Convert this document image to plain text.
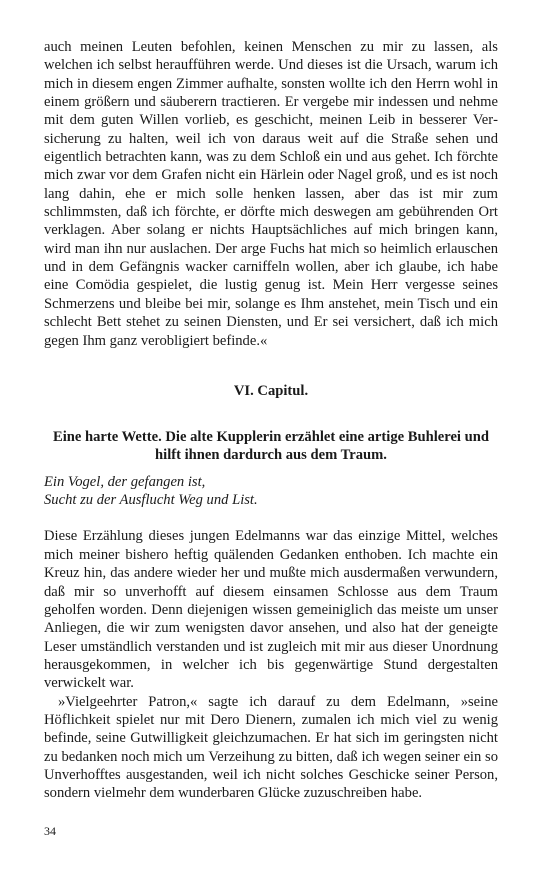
auch meinen Leuten befohlen, keinen Menschen zu mir zu lassen, als welchen ich selbst heraufführen werde. Und dieses ist die Ursach, warum ich mich in diesem engen Zimmer aufhalte, sonsten wollte ich den Herrn wohl in einem größern und säuberern tractieren. Er vergebe mir indessen und nehme mit dem guten Willen vorlieb, es geschicht, meinen Leib in besserer Versicherung zu halten, weil ich von daraus weit auf die Straße sehen und eigentlich betrachten kann, was zu dem Schloß ein und aus gehet. Ich förchte mich zwar vor dem Grafen nicht ein Härlein oder Nagel groß, und es ist noch lang dahin, ehe er mich solle henken lassen, aber das ist mir zum schlimmsten, daß ich förchte, er dörfte mich deswegen am gebührenden Ort verklagen. Aber solang er nichts Hauptsächliches auf mich bringen kann, wird man ihn nur auslachen. Der arge Fuchs hat mich so heimlich erlauschen und in dem Gefängnis wacker carniffeln wollen, aber ich glaube, ich habe eine Comödia gespielet, die lustig genug ist. Mein Herr vergesse seines Schmerzens und bleibe bei mir, solange es Ihm anstehet, mein Tisch und ein schlecht Bett stehet zu seinen Diensten, und Er sei versichert, daß ich mich gegen Ihm ganz verobligiert befinde.«

VI. Capitul.
Eine harte Wette. Die alte Kupplerin erzählet eine artige Buhlerei und hilft ihnen dardurch aus dem Traum.
Ein Vogel, der gefangen ist,
Sucht zu der Ausflucht Weg und List.

Diese Erzählung dieses jungen Edelmanns war das einzige Mittel, welches mich meiner bishero heftig quälenden Gedanken enthoben. Ich machte ein Kreuz hin, das andere wieder her und mußte mich ausdermaßen verwundern, daß mir so unverhofft auf diesem einsamen Schlosse aus dem Traum geholfen worden. Denn diejenigen wissen gemeiniglich das meiste um unser Anliegen, die wir zum wenigsten davor ansehen, und also hat der geneigte Leser umständlich verstanden und ist zugleich mit mir aus dieser Unordnung herausgekommen, in welcher ich bis gegenwärtige Stund dergestalten verwickelt war.

»Vielgeehrter Patron,« sagte ich darauf zu dem Edelmann, »seine Höflichkeit spielet nur mit Dero Dienern, zumalen ich mich viel zu wenig befinde, seine Gutwilligkeit gleichzumachen. Er hat sich im geringsten nicht zu bedanken noch mich um Verzeihung zu bitten, daß ich wegen seiner ein so Unverhofftes ausgestanden, weil ich nicht solches Geschicke seiner Person, sondern vielmehr dem wunderbaren Glücke zuzuschreiben habe.

34
